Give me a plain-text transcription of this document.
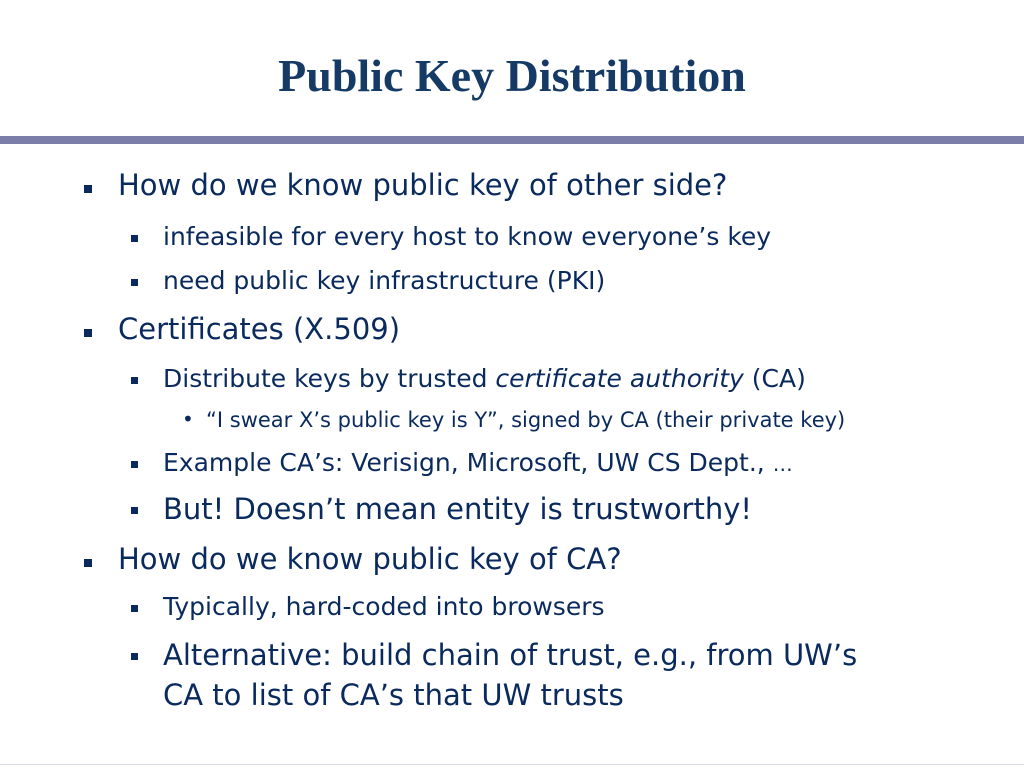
Public Key Distribution
How do we know public key of other side?
infeasible for every host to know everyone’s key
need public key infrastructure (PKI)
Certificates (X.509)
Distribute keys by trusted certificate authority (CA)
• “I swear X’s public key is Y”, signed by CA (their private key)
Example CA’s: Verisign, Microsoft, UW CS Dept., …
But! Doesn’t mean entity is trustworthy!
How do we know public key of CA?
Typically, hard-coded into browsers
Alternative: build chain of trust, e.g., from UW’s
CA to list of CA’s that UW trusts
